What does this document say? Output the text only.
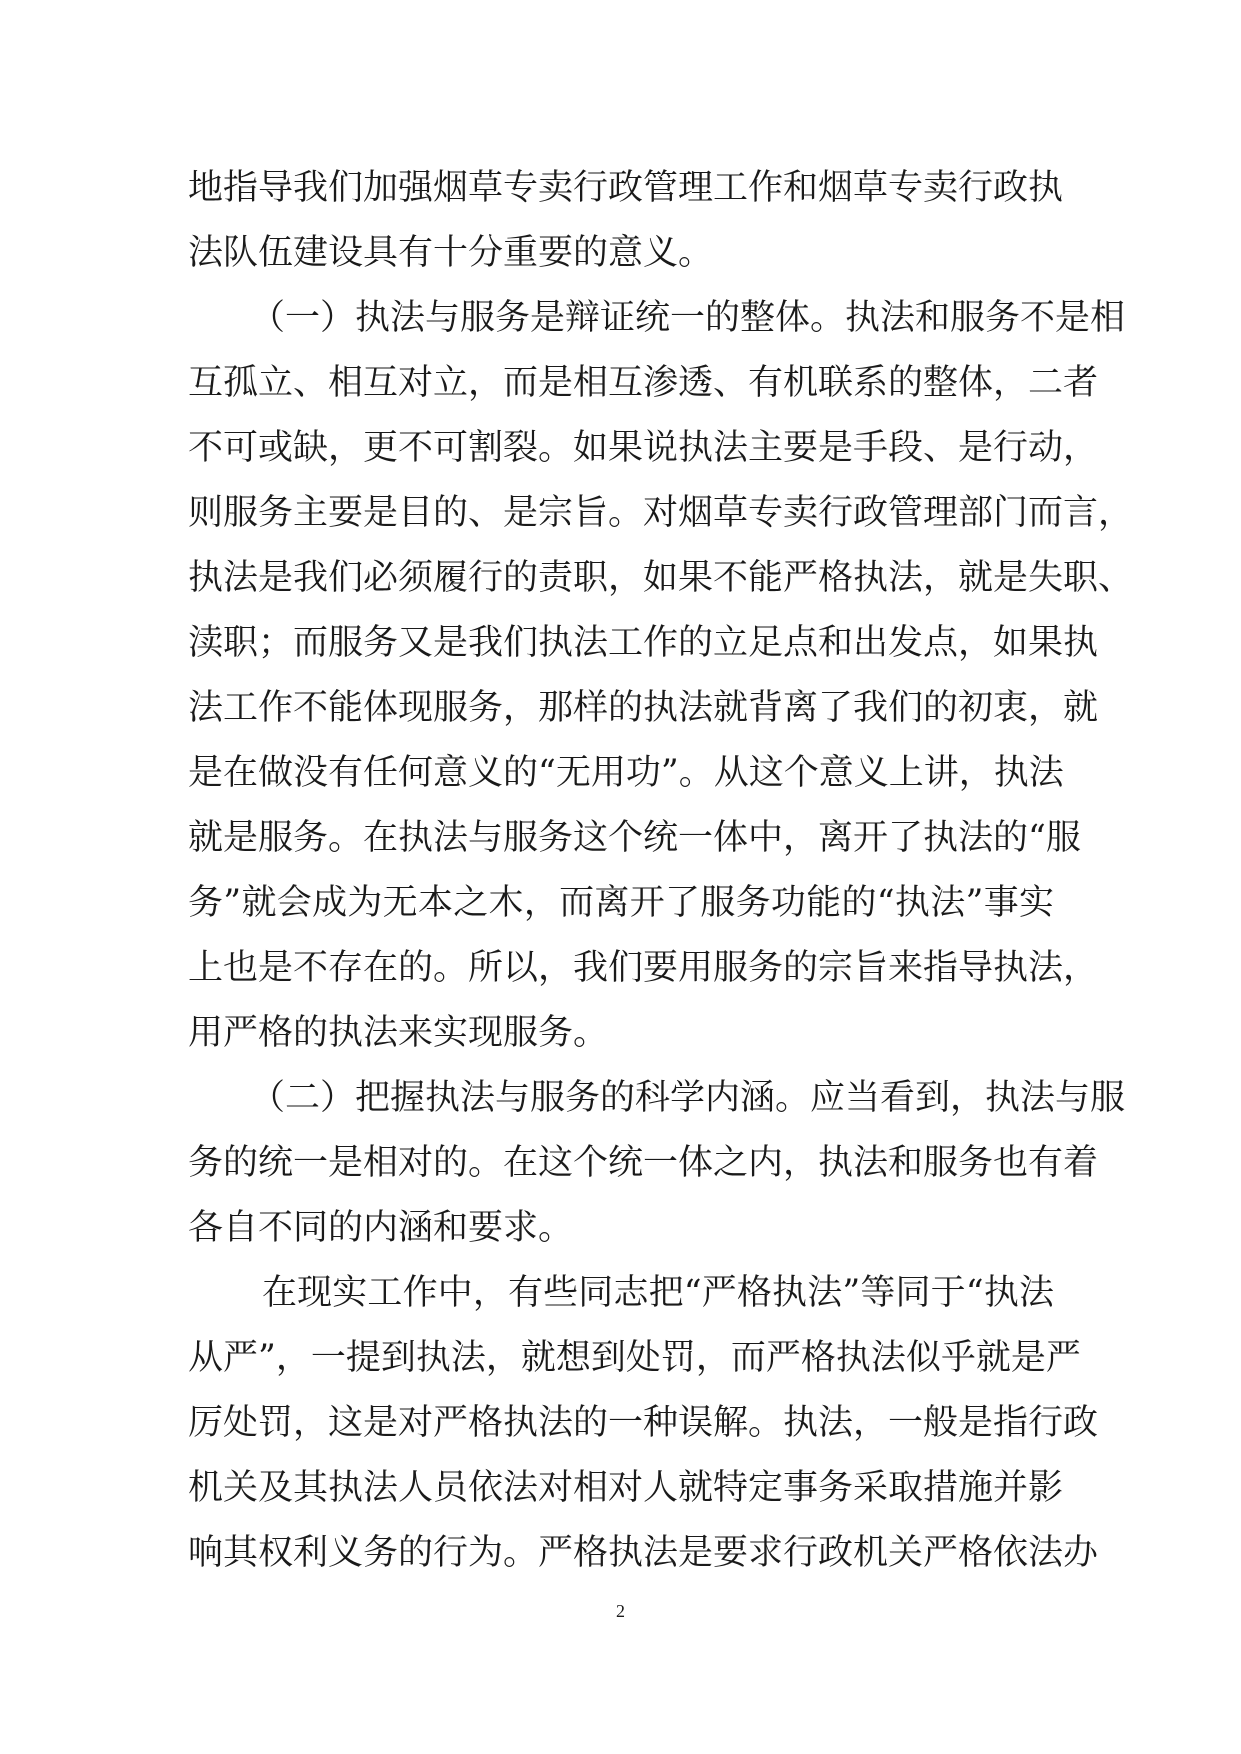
地指导我们加强烟草专卖行政管理工作和烟草专卖行政执
法队伍建设具有十分重要的意义。
（一）执法与服务是辩证统一的整体。执法和服务不是相
互孤立、相互对立，而是相互渗透、有机联系的整体，二者
不可或缺，更不可割裂。如果说执法主要是手段、是行动，
则服务主要是目的、是宗旨。对烟草专卖行政管理部门而言，
执法是我们必须履行的责职，如果不能严格执法，就是失职、
渎职；而服务又是我们执法工作的立足点和出发点，如果执
法工作不能体现服务，那样的执法就背离了我们的初衷，就
是在做没有任何意义的“无用功”。从这个意义上讲，执法
就是服务。在执法与服务这个统一体中，离开了执法的“服
务”就会成为无本之木，而离开了服务功能的“执法”事实
上也是不存在的。所以，我们要用服务的宗旨来指导执法，
用严格的执法来实现服务。
（二）把握执法与服务的科学内涵。应当看到，执法与服
务的统一是相对的。在这个统一体之内，执法和服务也有着
各自不同的内涵和要求。
在现实工作中，有些同志把“严格执法”等同于“执法
从严”，一提到执法，就想到处罚，而严格执法似乎就是严
厉处罚，这是对严格执法的一种误解。执法，一般是指行政
机关及其执法人员依法对相对人就特定事务采取措施并影
响其权利义务的行为。严格执法是要求行政机关严格依法办
2
